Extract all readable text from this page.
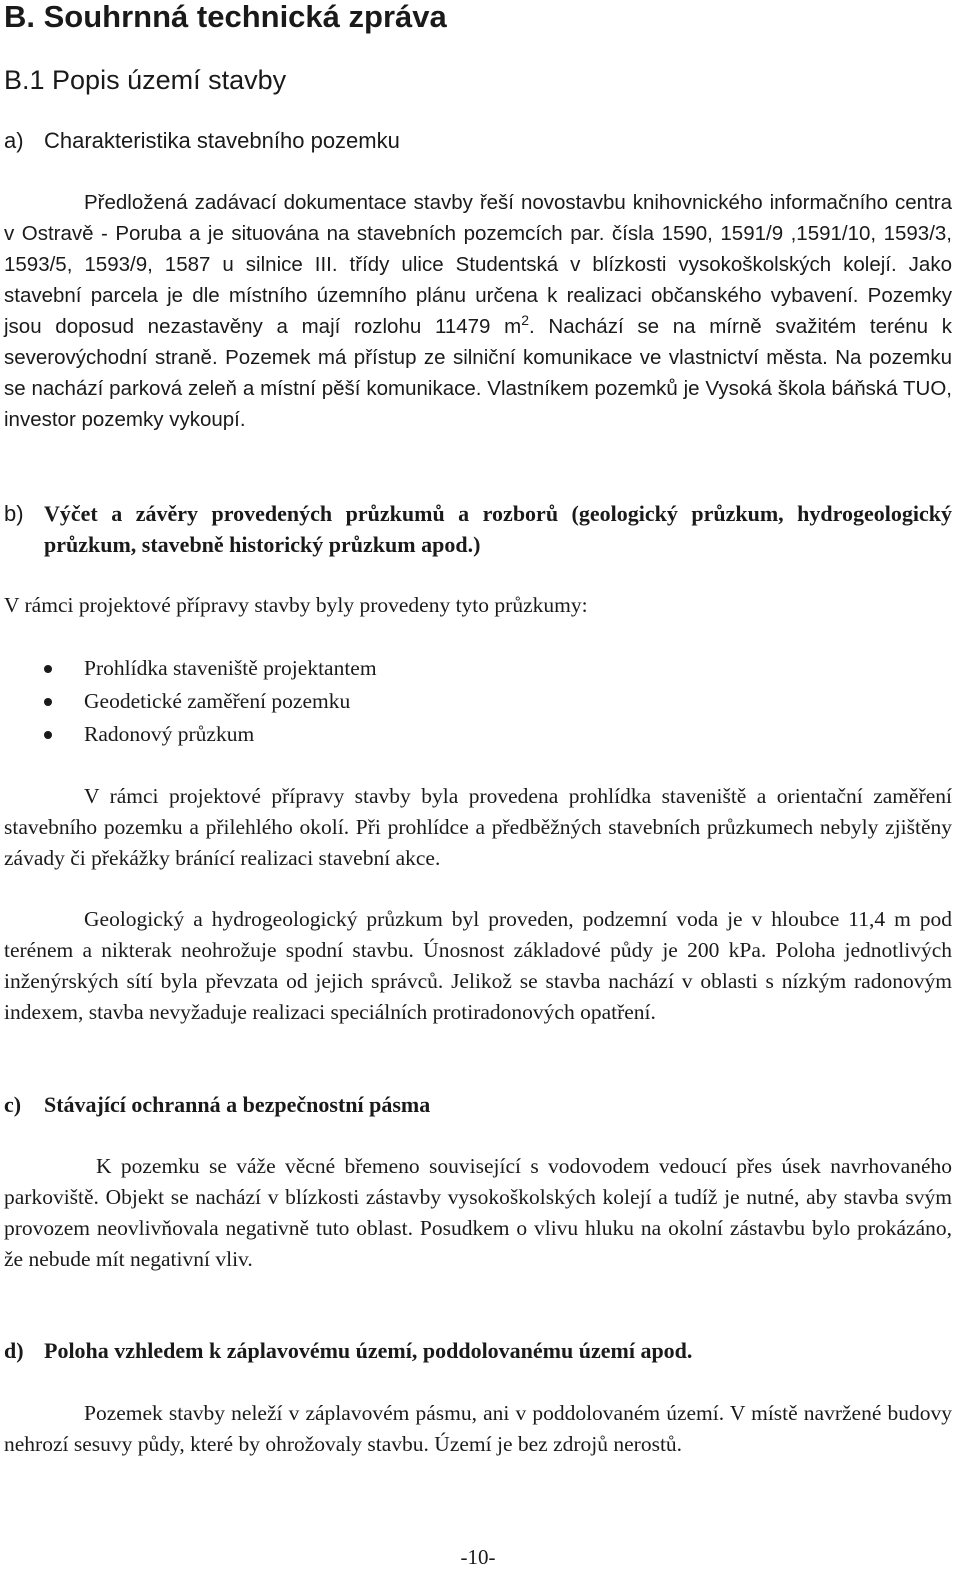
B. Souhrnná technická zpráva
B.1 Popis území stavby
a) Charakteristika stavebního pozemku

Předložená zadávací dokumentace stavby řeší novostavbu knihovnického informačního centra v Ostravě - Poruba a je situována na stavebních pozemcích par. čísla 1590, 1591/9 ,1591/10, 1593/3, 1593/5, 1593/9, 1587 u silnice III. třídy ulice Studentská v blízkosti vysokoškolských kolejí. Jako stavební parcela je dle místního územního plánu určena k realizaci občanského vybavení. Pozemky jsou doposud nezastavěny a mají rozlohu 11479 $m^2$. Nachází se na mírně svažitém terénu k severovýchodní straně. Pozemek má přístup ze silniční komunikace ve vlastnictví města. Na pozemku se nachází parková zeleň a místní pěší komunikace. Vlastníkem pozemků je Vysoká škola báňská TUO, investor pozemky vykoupí.

b) Výčet a závěry provedených průzkumů a rozborů (geologický průzkum, hydrogeologický průzkum, stavebně historický průzkum apod.)

V rámci projektové přípravy stavby byly provedeny tyto průzkumy:

Prohlídka staveniště projektantem
Geodetické zaměření pozemku
Radonový průzkum

V rámci projektové přípravy stavby byla provedena prohlídka staveniště a orientační zaměření stavebního pozemku a přilehlého okolí. Při prohlídce a předběžných stavebních průzkumech nebyly zjištěny závady či překážky bránící realizaci stavební akce.

Geologický a hydrogeologický průzkum byl proveden, podzemní voda je v hloubce 11,4 m pod terénem a nikterak neohrožuje spodní stavbu. Únosnost základové půdy je 200 kPa. Poloha jednotlivých inženýrských sítí byla převzata od jejich správců. Jelikož se stavba nachází v oblasti s nízkým radonovým indexem, stavba nevyžaduje realizaci speciálních protiradonových opatření.

c) Stávající ochranná a bezpečnostní pásma

K pozemku se váže věcné břemeno související s vodovodem vedoucí přes úsek navrhovaného parkoviště. Objekt se nachází v blízkosti zástavby vysokoškolských kolejí a tudíž je nutné, aby stavba svým provozem neovlivňovala negativně tuto oblast. Posudkem o vlivu hluku na okolní zástavbu bylo prokázáno, že nebude mít negativní vliv.

d) Poloha vzhledem k záplavovému území, poddolovanému území apod.

Pozemek stavby neleží v záplavovém pásmu, ani v poddolovaném území. V místě navržené budovy nehrozí sesuvy půdy, které by ohrožovaly stavbu. Území je bez zdrojů nerostů.

-10-
